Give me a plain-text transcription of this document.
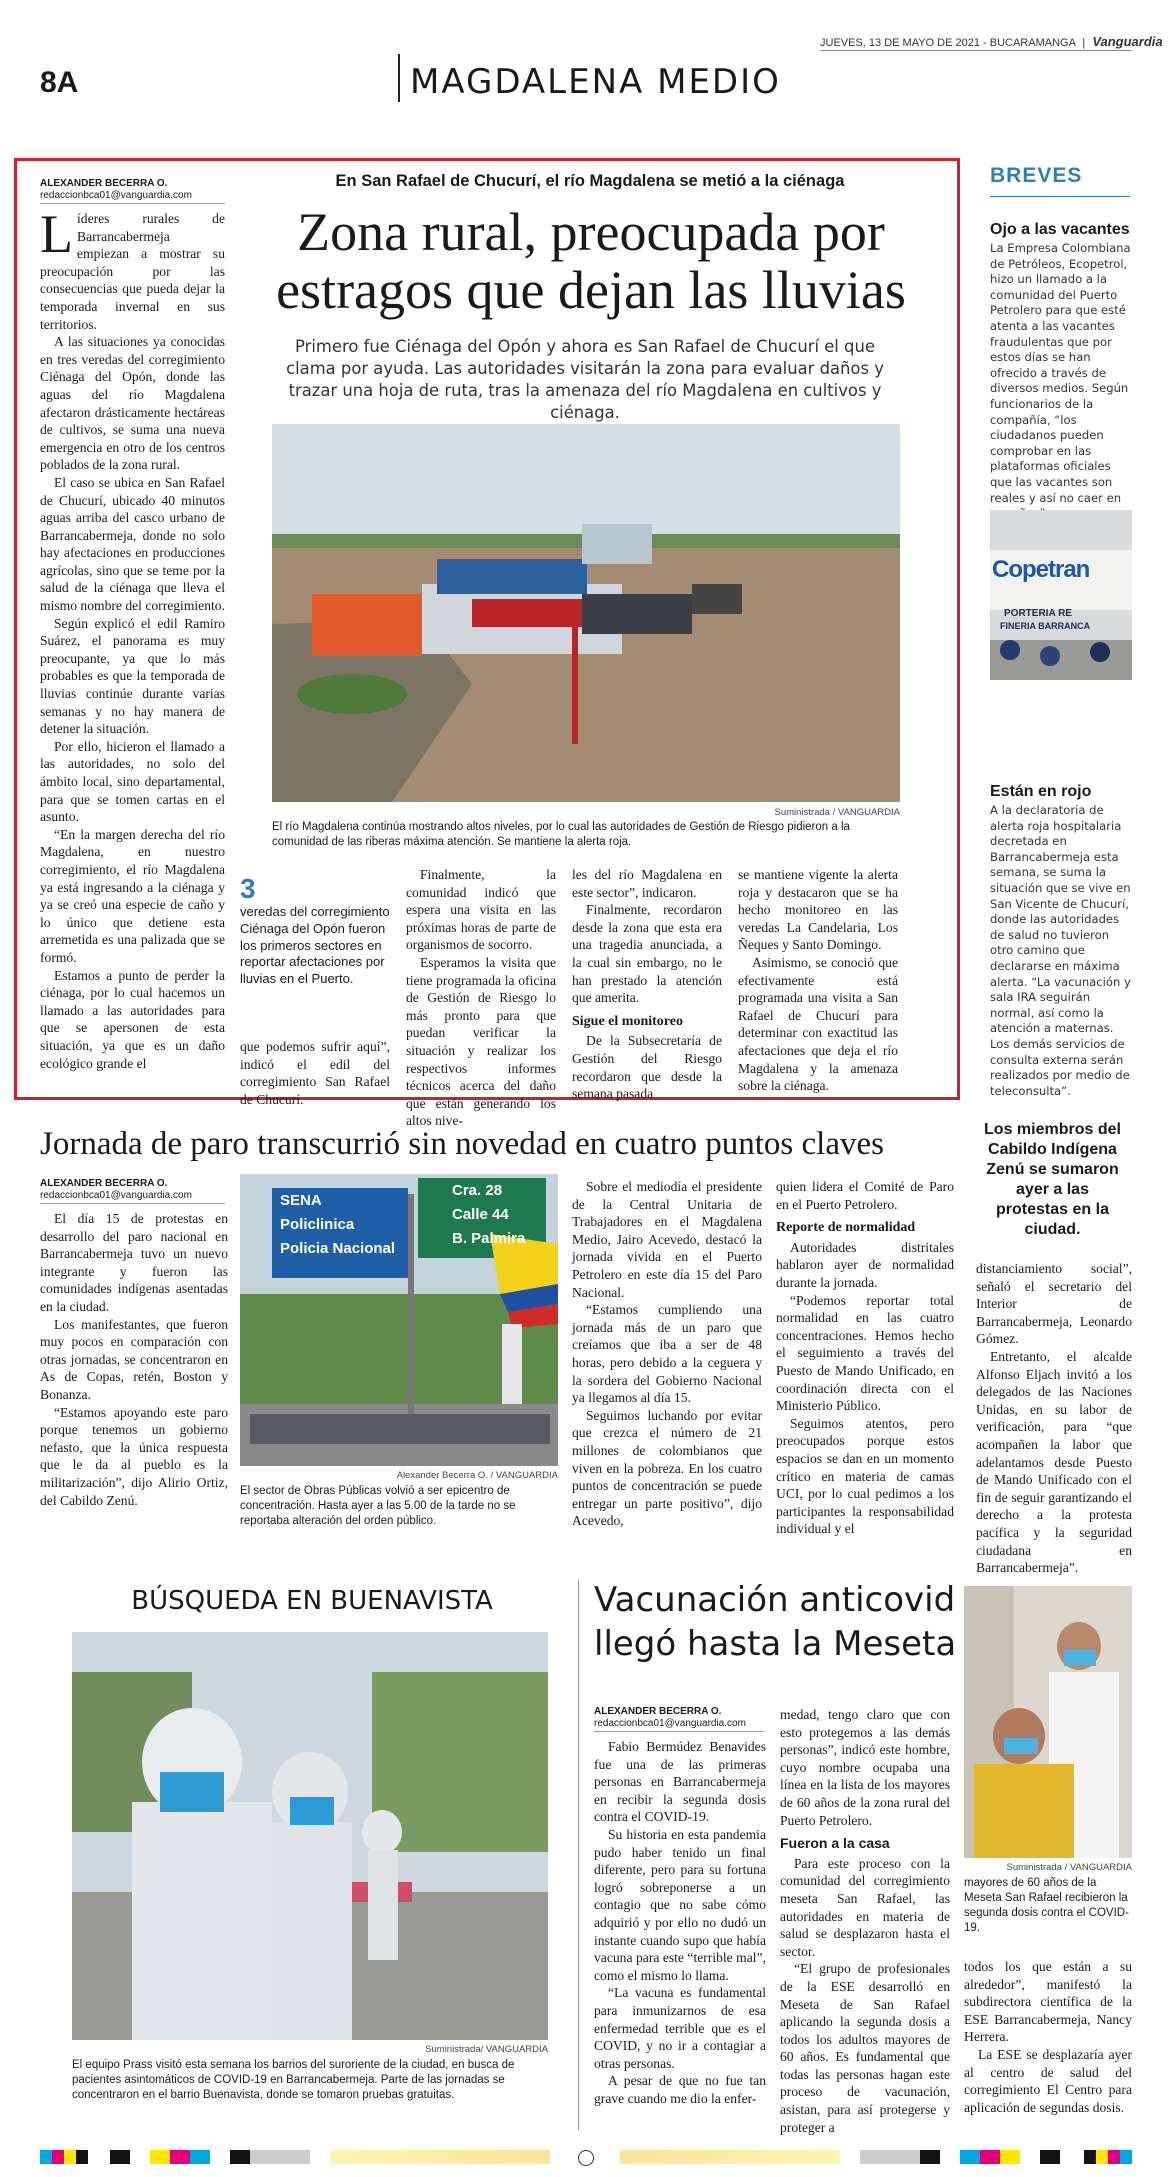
8A	MAGDALENA MEDIO
JUEVES, 13 DE MAYO DE 2021 - BUCARAMANGA | Vanguardia
En San Rafael de Chucurí, el río Magdalena se metió a la ciénaga
ALEXANDER BECERRA O.
redaccionbca01@vanguardia.com
Zona rural, preocupada por
estragos que dejan las lluvias
Primero fue Ciénaga del Opón y ahora es San Rafael de Chucurí el que clama por ayuda. Las autoridades visitarán la zona para evaluar daños y trazar una hoja de ruta, tras la amenaza del río Magdalena en cultivos y ciénaga.
Suministrada / VANGUARDIA
El río Magdalena continúa mostrando altos niveles, por lo cual las autoridades de Gestión de Riesgo pidieron a la comunidad de las riberas máxima atención. Se mantiene la alerta roja.

Líderes rurales de Barrancabermeja empiezan a mostrar su preocupación por las consecuencias que pueda dejar la temporada invernal en sus territorios.

A las situaciones ya conocidas en tres veredas del corregimiento Ciénaga del Opón, donde las aguas del río Magdalena afectaron drásticamente hectáreas de cultivos, se suma una nueva emergencia en otro de los centros poblados de la zona rural.

El caso se ubica en San Rafael de Chucurí, ubicado 40 minutos aguas arriba del casco urbano de Barrancabermeja, donde no solo hay afectaciones en producciones agrícolas, sino que se teme por la salud de la ciénaga que lleva el mismo nombre del corregimiento.

Según explicó el edil Ramiro Suárez, el panorama es muy preocupante, ya que lo más probables es que la temporada de lluvias continúe durante varias semanas y no hay manera de detener la situación.

Por ello, hicieron el llamado a las autoridades, no solo del ámbito local, sino departamental, para que se tomen cartas en el asunto.

“En la margen derecha del río Magdalena, en nuestro corregimiento, el río Magdalena ya está ingresando a la ciénaga y ya se creó una especie de caño y lo único que detiene esta arremetida es una palizada que se formó.

Estamos a punto de perder la ciénaga, por lo cual hacemos un llamado a las autoridades para que se apersonen de esta situación, ya que es un daño ecológico grande el

3
veredas del corregimiento Ciénaga del Opón fueron los primeros sectores en reportar afectaciones por lluvias en el Puerto.

que podemos sufrir aquí”, indicó el edil del corregimiento San Rafael de Chucurí.

Finalmente, la comunidad indicó que espera una visita en las próximas horas de parte de organismos de socorro.

Esperamos la visita que tiene programada la oficina de Gestión de Riesgo lo más pronto para que puedan verificar la situación y realizar los respectivos informes técnicos acerca del daño que están generando los altos nive-

les del río Magdalena en este sector”, indicaron.

Finalmente, recordaron desde la zona que esta era una tragedia anunciada, a la cual sin embargo, no le han prestado la atención que amerita.

Sigue el monitoreo

De la Subsecretaría de Gestión del Riesgo recordaron que desde la semana pasada

se mantiene vigente la alerta roja y destacaron que se ha hecho monitoreo en las veredas La Candelaria, Los Ñeques y Santo Domingo.

Asimismo, se conoció que efectivamente está programada una visita a San Rafael de Chucurí para determinar con exactitud las afectaciones que deja el río Magdalena y la amenaza sobre la ciénaga.

BREVES
Ojo a las vacantes
La Empresa Colombiana de Petróleos, Ecopetrol, hizo un llamado a la comunidad del Puerto Petrolero para que esté atenta a las vacantes fraudulentas que por estos días se han ofrecido a través de diversos medios. Según funcionarios de la compañía, “los ciudadanos pueden comprobar en las plataformas oficiales que las vacantes son reales y así no caer en
Copetran
PORTERIA RE
FINERIA BARRANCA
Están en rojo
A la declaratoria de alerta roja hospitalaria decretada en Barrancabermeja esta semana, se suma la situación que se vive en San Vicente de Chucurí, donde las autoridades de salud no tuvieron otro camino que declararse en máxima alerta. “La vacunación y sala IRA seguirán normal, así como la atención a maternas. Los demás servicios de consulta externa serán realizados por medio de teleconsulta”.
Jornada de paro transcurrió sin novedad en cuatro puntos claves
ALEXANDER BECERRA O.
redaccionbca01@vanguardia.com

El día 15 de protestas en desarrollo del paro nacional en Barrancabermeja tuvo un nuevo integrante y fueron las comunidades indígenas asentadas en la ciudad.

Los manifestantes, que fueron muy pocos en comparación con otras jornadas, se concentraron en As de Copas, retén, Boston y Bonanza.

“Estamos apoyando este paro porque tenemos un gobierno nefasto, que la única respuesta que le da al pueblo es la militarización”, dijo Alirio Ortiz, del Cabildo Zenú.

SENA
Policlinica
Policia Nacional
Cra. 28
Calle 44
B. Palmira
Alexander Becerra O. / VANGUARDIA
El sector de Obras Públicas volvió a ser epicentro de concentración. Hasta ayer a las 5.00 de la tarde no se reportaba alteración del orden público.

Sobre el mediodía el presidente de la Central Unitaria de Trabajadores en el Magdalena Medio, Jairo Acevedo, destacó la jornada vivida en el Puerto Petrolero en este día 15 del Paro Nacional.

“Estamos cumpliendo una jornada más de un paro que creíamos que iba a ser de 48 horas, pero debido a la ceguera y la sordera del Gobierno Nacional ya llegamos al día 15.

Seguimos luchando por evitar que crezca el número de 21 millones de colombianos que viven en la pobreza. En los cuatro puntos de concentración se puede entregar un parte positivo”, dijo Acevedo,

quien lidera el Comité de Paro en el Puerto Petrolero.

Reporte de normalidad

Autoridades distritales hablaron ayer de normalidad durante la jornada.

“Podemos reportar total normalidad en las cuatro concentraciones. Hemos hecho el seguimiento a través del Puesto de Mando Unificado, en coordinación directa con el Ministerio Público.

Seguimos atentos, pero preocupados porque estos espacios se dan en un momento crítico en materia de camas UCI, por lo cual pedimos a los participantes la responsabilidad individual y el

Los miembros del Cabildo Indígena Zenú se sumaron ayer a las protestas en la ciudad.

distanciamiento social”, señaló el secretario del Interior de Barrancabermeja, Leonardo Gómez.

Entretanto, el alcalde Alfonso Eljach invitó a los delegados de las Naciones Unidas, en su labor de verificación, para “que acompañen la labor que adelantamos desde Puesto de Mando Unificado con el fin de seguir garantizando el derecho a la protesta pacífica y la seguridad ciudadana en Barrancabermeja”.

BÚSQUEDA EN BUENAVISTA
Suministrada/ VANGUARDIA
El equipo Prass visitó esta semana los barrios del suroriente de la ciudad, en busca de pacientes asintomáticos de COVID-19 en Barrancabermeja. Parte de las jornadas se concentraron en el barrio Buenavista, donde se tomaron pruebas gratuitas.
Vacunación anticovid
llegó hasta la Meseta
ALEXANDER BECERRA O.
redaccionbca01@vanguardia.com

Fabio Bermúdez Benavides fue una de las primeras personas en Barrancabermeja en recibir la segunda dosis contra el COVID-19.

Su historia en esta pandemia pudo haber tenido un final diferente, pero para su fortuna logró sobreponerse a un contagio que no sabe cómo adquirió y por ello no dudó un instante cuando supo que había vacuna para este “terrible mal”, como el mismo lo llama.

“La vacuna es fundamental para inmunizarnos de esa enfermedad terrible que es el COVID, y no ir a contagiar a otras personas.

A pesar de que no fue tan grave cuando me dio la enfer-

medad, tengo claro que con esto protegemos a las demás personas”, indicó este hombre, cuyo nombre ocupaba una línea en la lista de los mayores de 60 años de la zona rural del Puerto Petrolero.

Fueron a la casa

Para este proceso con la comunidad del corregimiento meseta San Rafael, las autoridades en materia de salud se desplazaron hasta el sector.

“El grupo de profesionales de la ESE desarrolló en Meseta de San Rafael aplicando la segunda dosis a todos los adultos mayores de 60 años. Es fundamental que todas las personas hagan este proceso de vacunación, asistan, para así protegerse y proteger a

Suministrada / VANGUARDIA
mayores de 60 años de la Meseta San Rafael recibieron la segunda dosis contra el COVID-19.

todos los que están a su alrededor”, manifestó la subdirectora científica de la ESE Barrancabermeja, Nancy Herrera.

La ESE se desplazaría ayer al centro de salud del corregimiento El Centro para aplicación de segundas dosis.
